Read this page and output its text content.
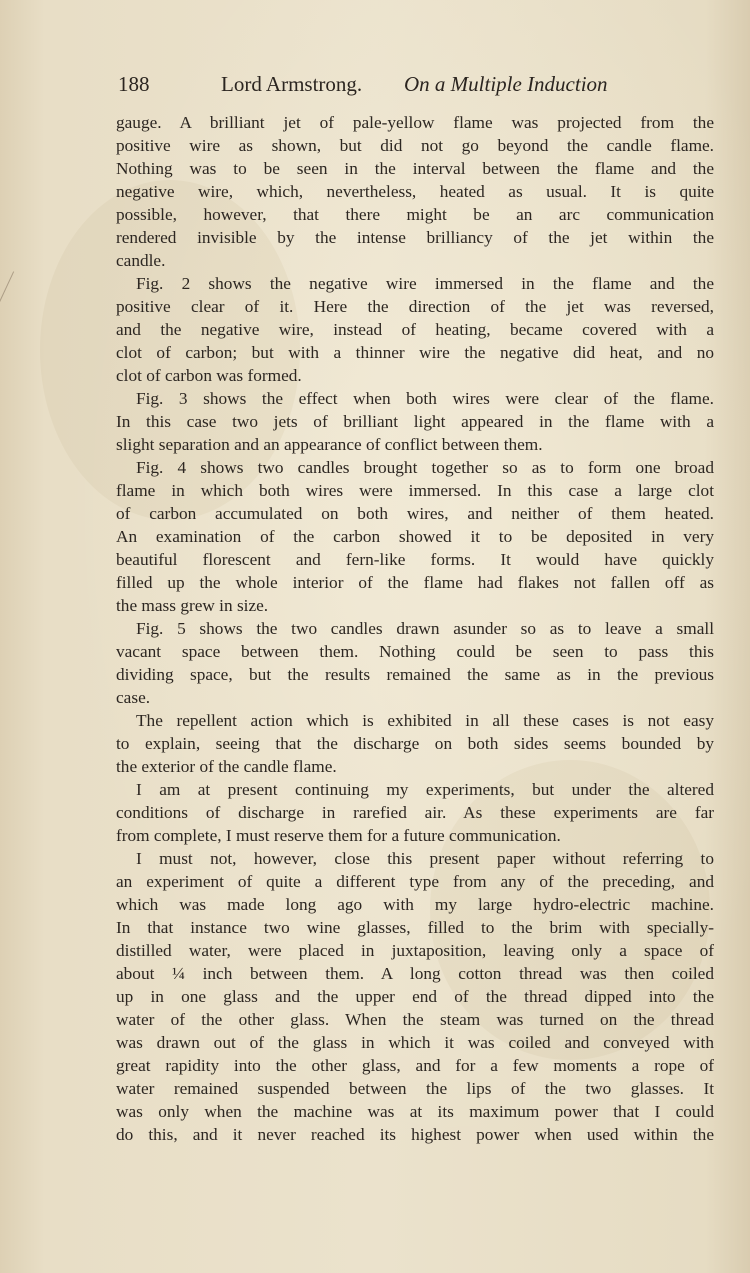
188	Lord Armstrong. On a Multiple Induction
gauge. A brilliant jet of pale-yellow flame was projected from the
positive wire as shown, but did not go beyond the candle flame.
Nothing was to be seen in the interval between the flame and the
negative wire, which, nevertheless, heated as usual. It is quite
possible, however, that there might be an arc communication
rendered invisible by the intense brilliancy of the jet within the
candle.
Fig. 2 shows the negative wire immersed in the flame and the
positive clear of it. Here the direction of the jet was reversed,
and the negative wire, instead of heating, became covered with a
clot of carbon; but with a thinner wire the negative did heat, and no
clot of carbon was formed.
Fig. 3 shows the effect when both wires were clear of the flame.
In this case two jets of brilliant light appeared in the flame with a
slight separation and an appearance of conflict between them.
Fig. 4 shows two candles brought together so as to form one broad
flame in which both wires were immersed. In this case a large clot
of carbon accumulated on both wires, and neither of them heated.
An examination of the carbon showed it to be deposited in very
beautiful florescent and fern-like forms. It would have quickly
filled up the whole interior of the flame had flakes not fallen off as
the mass grew in size.
Fig. 5 shows the two candles drawn asunder so as to leave a small
vacant space between them. Nothing could be seen to pass this
dividing space, but the results remained the same as in the previous
case.
The repellent action which is exhibited in all these cases is not easy
to explain, seeing that the discharge on both sides seems bounded by
the exterior of the candle flame.
I am at present continuing my experiments, but under the altered
conditions of discharge in rarefied air. As these experiments are far
from complete, I must reserve them for a future communication.
I must not, however, close this present paper without referring to
an experiment of quite a different type from any of the preceding, and
which was made long ago with my large hydro-electric machine.
In that instance two wine glasses, filled to the brim with specially-
distilled water, were placed in juxtaposition, leaving only a space of
about ¼ inch between them. A long cotton thread was then coiled
up in one glass and the upper end of the thread dipped into the
water of the other glass. When the steam was turned on the thread
was drawn out of the glass in which it was coiled and conveyed with
great rapidity into the other glass, and for a few moments a rope of
water remained suspended between the lips of the two glasses. It
was only when the machine was at its maximum power that I could
do this, and it never reached its highest power when used within the
